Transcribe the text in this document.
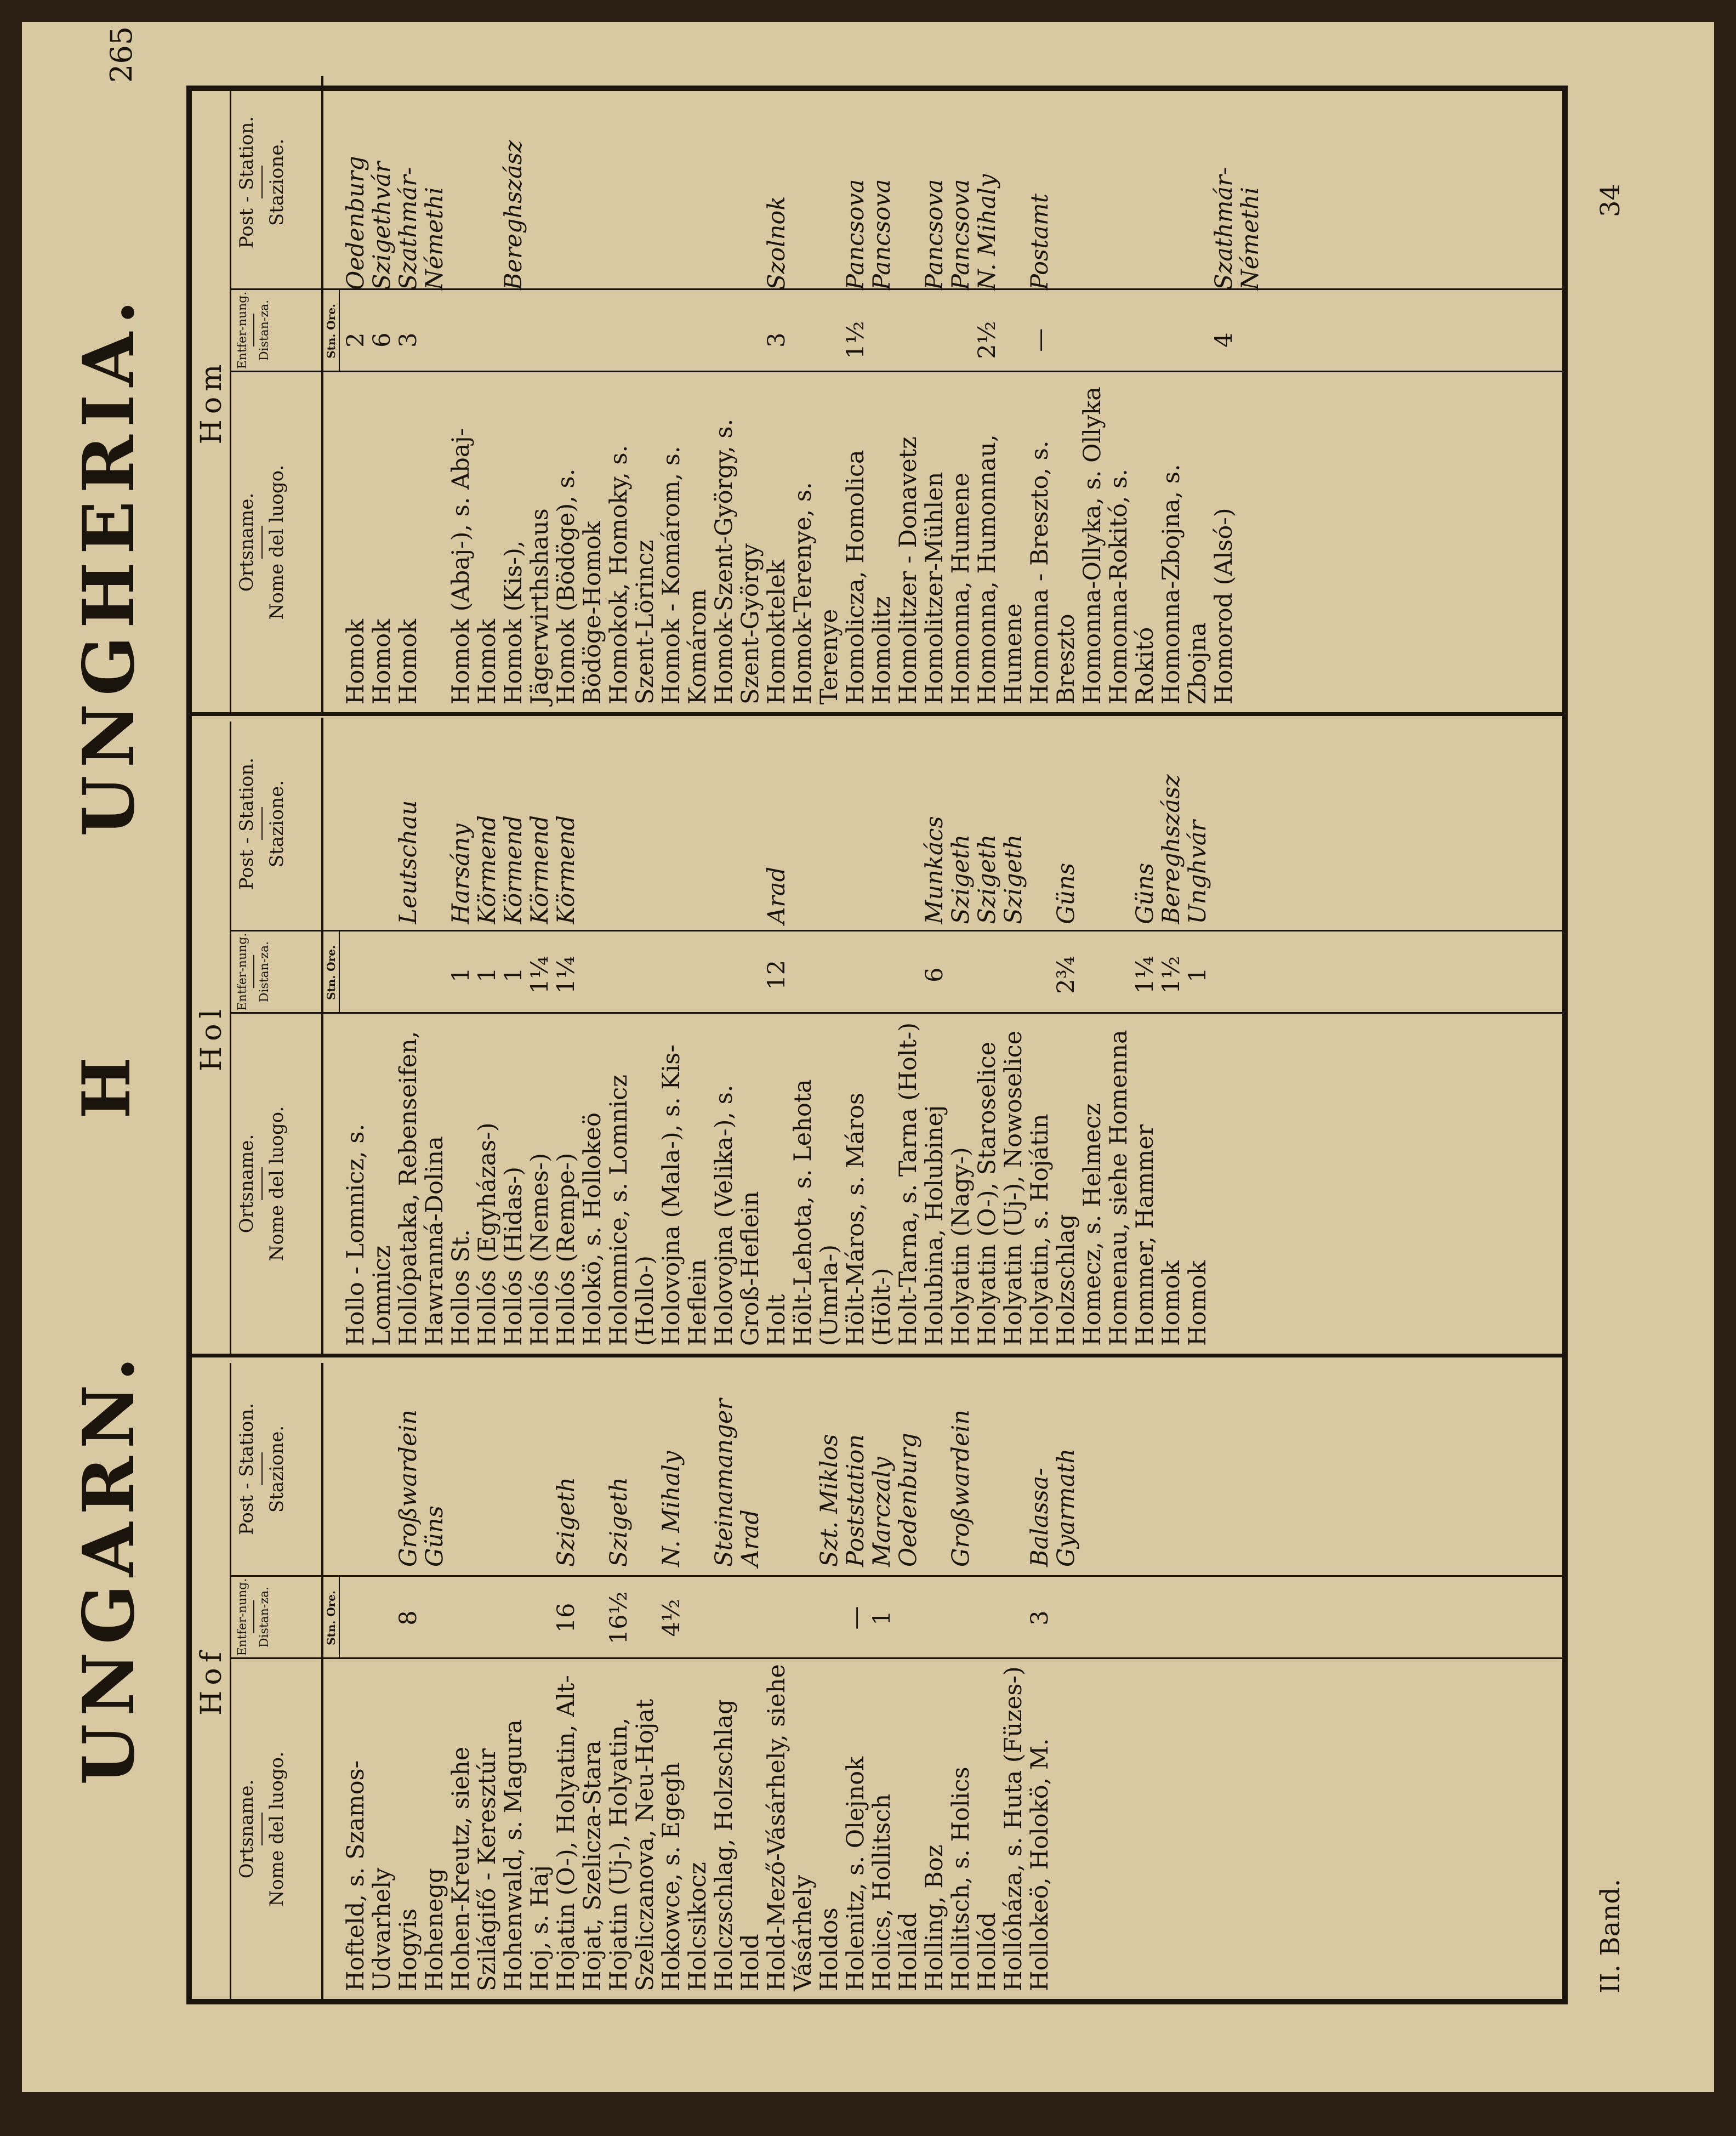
UNGARN.
H
UNGHERIA.
265
Hof
Ortsname. Nome del luogo.
Entfer-nung. Distan-za.
Post - Station. Stazione.
Stn. Ore.
Hofteld, s. Szamos-Udvarhely
Hogyis
8
Großwardein
Hohenegg
Güns
Hohen-Kreutz, siehe Szilágifő - Keresztúr
Hohenwald, s. Magura
Hoj, s. Haj
Hojatin (O-), Holyatin, Alt-Hojat, Szelicza-Stara
16
Szigeth
Hojatin (Uj-), Holyatin, Szeliczanova, Neu-Hojat
16½
Szigeth
Hokowce, s. Egegh
4½
N. Mihaly
Holcsikocz
Holczschlag, Holzschlag
Steinamanger
Hold
Arad
Hold-Mező-Vásárhely, siehe Vásárhely
Holdos
Szt. Miklos
Holenitz, s. Olejnok
—
Poststation
Holics, Hollitsch
1
Marczaly
Hollád
Oedenburg
Holling, Boz
Hollitsch, s. Holics
Großwardein
Hollód
Hollóháza, s. Huta (Füzes-)
Hollokeö, Holokö, M.
3
Balassa-Gyarmath
Hol
Ortsname. Nome del luogo.
Entfer-nung. Distan-za.
Post - Station. Stazione.
Stn. Ore.
Hollo - Lomnicz, s. Lomnicz
Hollópataka, Rebenseifen, Hawranná-Dolina
Leutschau
Hollos St.
1
Harsány
Hollós (Egyházas-)
1
Körmend
Hollós (Hidas-)
1
Körmend
Hollós (Nemes-)
1¼
Körmend
Hollós (Rempe-)
1¼
Körmend
Holokö, s. Hollokeö
Holomnice, s. Lomnicz (Hollo-)
Holovojna (Mala-), s. Kis-Heflein
Holovojna (Velika-), s. Groß-Heflein
Holt
12
Arad
Hölt-Lehota, s. Lehota (Umrla-)
Hölt-Máros, s. Máros (Hölt-)
Holt-Tarna, s. Tarna (Holt-)
Holubina, Holubinej
6
Munkács
Holyatin (Nagy-)
Szigeth
Holyatin (O-), Staroselice
Szigeth
Holyatin (Uj-), Nowoselice
Szigeth
Holyatin, s. Hojátin
Holzschlag
2¾
Güns
Homecz, s. Helmecz
Homenau, siehe Homenna
Hommer, Hammer
1¼
Güns
Homok
1½
Bereghszász
Homok
1
Unghvár
Hom
Ortsname. Nome del luogo.
Entfer-nung. Distan-za.
Post - Station. Stazione.
Stn. Ore.
Homok
2
Oedenburg
Homok
6
Szigethvár
Homok
3
Szathmár-Némethi
Homok (Abaj-), s. Abaj-Homok
Homok (Kis-), Jägerwirthshaus
Bereghszász
Homok (Bödöge), s. Bödöge-Homok
Homokok, Homoky, s. Szent-Lörincz
Homok - Komárom, s. Komárom
Homok-Szent-György, s. Szent-György
Homoktelek
3
Szolnok
Homok-Terenye, s. Terenye
Homolicza, Homolica
1½
Pancsova
Homolitz
Pancsova
Homolitzer - Donavetz
Homolitzer-Mühlen
Pancsova
Homonna, Humene
Pancsova
Homonna, Humonnau, Humene
2½
N. Mihaly
Homonna - Breszto, s. Breszto
—
Postamt
Homonna-Ollyka, s. Ollyka
Homonna-Rokitó, s. Rokitó
Homonna-Zbojna, s. Zbojna
Homorod (Alsó-)
4
Szathmár-Némethi
II. Band.
34
